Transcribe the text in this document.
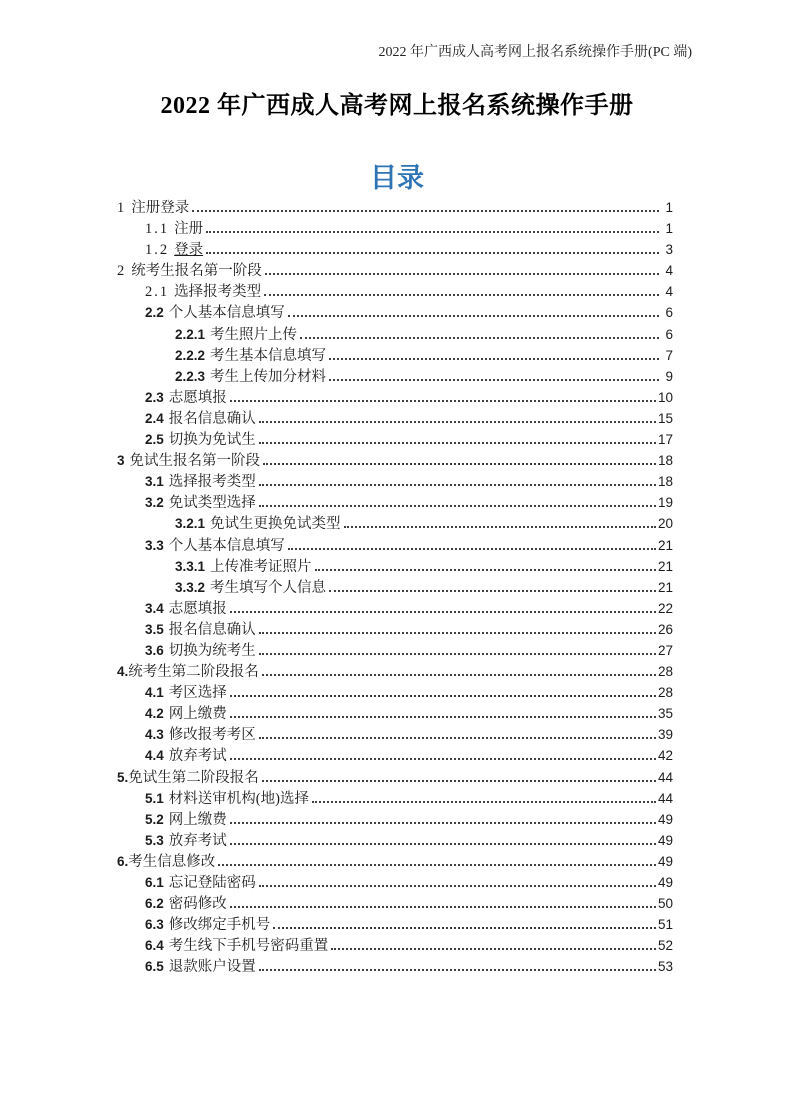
2022 年广西成人高考网上报名系统操作手册(PC 端)
2022 年广西成人高考网上报名系统操作手册
目录
1 注册登录	1
1.1 注册	1
1.2 登录	3
2 统考生报名第一阶段	4
2.1 选择报考类型	4
2.2 个人基本信息填写	6
2.2.1 考生照片上传	6
2.2.2 考生基本信息填写	7
2.2.3 考生上传加分材料	9
2.3 志愿填报	10
2.4 报名信息确认	15
2.5 切换为免试生	17
3 免试生报名第一阶段	18
3.1 选择报考类型	18
3.2 免试类型选择	19
3.2.1 免试生更换免试类型	20
3.3 个人基本信息填写	21
3.3.1 上传准考证照片	21
3.3.2 考生填写个人信息	21
3.4 志愿填报	22
3.5 报名信息确认	26
3.6 切换为统考生	27
4. 统考生第二阶段报名	28
4.1 考区选择	28
4.2 网上缴费	35
4.3 修改报考考区	39
4.4 放弃考试	42
5. 免试生第二阶段报名	44
5.1 材料送审机构(地)选择	44
5.2 网上缴费	49
5.3 放弃考试	49
6. 考生信息修改	49
6.1 忘记登陆密码	49
6.2 密码修改	50
6.3 修改绑定手机号	51
6.4 考生线下手机号密码重置	52
6.5 退款账户设置	53
